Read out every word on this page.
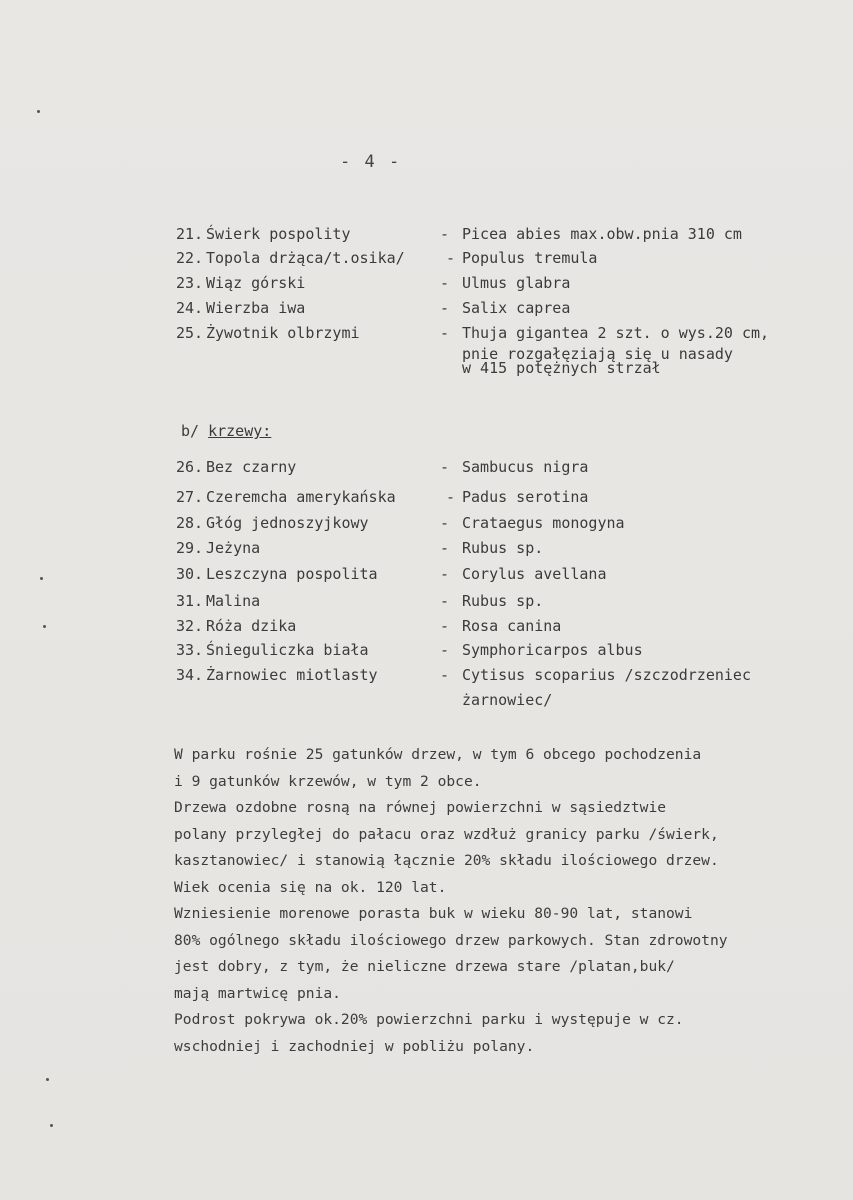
- 4 -
21. Świerk pospolity	- Picea abies max.obw.pnia 310 cm
22. Topola drżąca/t.osika/	- Populus tremula
23. Wiąz górski	- Ulmus glabra
24. Wierzba iwa	- Salix caprea
25. Żywotnik olbrzymi	- Thuja gigantea 2 szt. o wys.20 cm,
pnie rozgałęziają się u nasady
w 415 potężnych strzał
b/ krzewy:
26. Bez czarny	- Sambucus nigra
27. Czeremcha amerykańska	- Padus serotina
28. Głóg jednoszyjkowy	- Crataegus monogyna
29. Jeżyna	- Rubus sp.
30. Leszczyna pospolita	- Corylus avellana
31. Malina	- Rubus sp.
32. Róża dzika	- Rosa canina
33. Śnieguliczka biała	- Symphoricarpos albus
34. Żarnowiec miotlasty	- Cytisus scoparius /szczodrzeniec
żarnowiec/
W parku rośnie 25 gatunków drzew, w tym 6 obcego pochodzenia
i 9 gatunków krzewów, w tym 2 obce.
Drzewa ozdobne rosną na równej powierzchni w sąsiedztwie
polany przyległej do pałacu oraz wzdłuż granicy parku /świerk,
kasztanowiec/ i stanowią łącznie 20% składu ilościowego drzew.
Wiek ocenia się na ok. 120 lat.
Wzniesienie morenowe porasta buk w wieku 80-90 lat, stanowi
80% ogólnego składu ilościowego drzew parkowych. Stan zdrowotny
jest dobry, z tym, że nieliczne drzewa stare /platan,buk/
mają martwicę pnia.
Podrost pokrywa ok.20% powierzchni parku i występuje w cz.
wschodniej i zachodniej w pobliżu polany.
